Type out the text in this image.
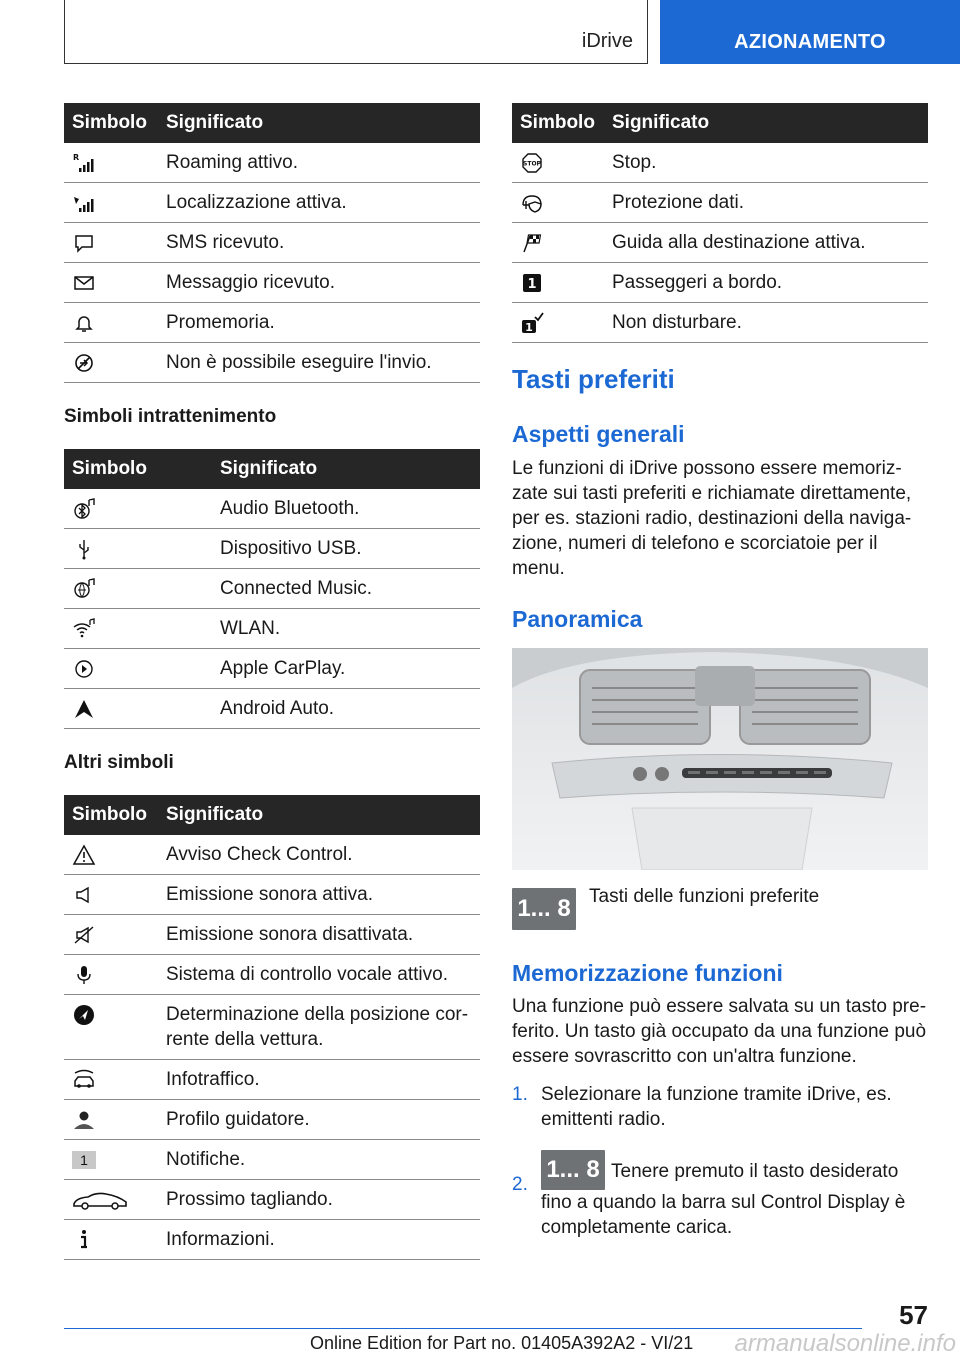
iDrive	AZIONAMENTO
Simbolo	Significato

R	Roaming attivo.

	Localizzazione attiva.

	SMS ricevuto.

	Messaggio ricevuto.

	Promemoria.

	Non è possibile eseguire l'invio.
Simboli intrattenimento
Simbolo	Significato

	Audio Bluetooth.

	Dispositivo USB.

	Connected Music.

	WLAN.

	Apple CarPlay.

	Android Auto.
Altri simboli
Simbolo	Significato

	Avviso Check Control.

	Emissione sonora attiva.

	Emissione sonora disattivata.

	Sistema di controllo vocale attivo.

	Determinazione della posizione cor-
rente della vettura.

	Infotraffico.

	Profilo guidatore.
1	Notifiche.

	Prossimo tagliando.

	Informazioni.
Simbolo	Significato

STOP	Stop.

	Protezione dati.

	Guida alla destinazione attiva.

1	Passeggeri a bordo.

1	Non disturbare.
Tasti preferiti
Aspetti generali
Le funzioni di iDrive possono essere memoriz-
zate sui tasti preferiti e richiamate direttamente,
per es. stazioni radio, destinazioni della naviga-
zione, numeri di telefono e scorciatoie per il
menu.
Panoramica
1... 8 Tasti delle funzioni preferite
Memorizzazione funzioni
Una funzione può essere salvata su un tasto pre-
ferito. Un tasto già occupato da una funzione può
essere sovrascritto con un'altra funzione.
1. Selezionare la funzione tramite iDrive, es.
emittenti radio.
2.
1... 8 Tenere premuto il tasto desiderato
fino a quando la barra sul Control Display è
completamente carica.
57
Online Edition for Part no. 01405A392A2 - VI/21 armanualsonline.info
